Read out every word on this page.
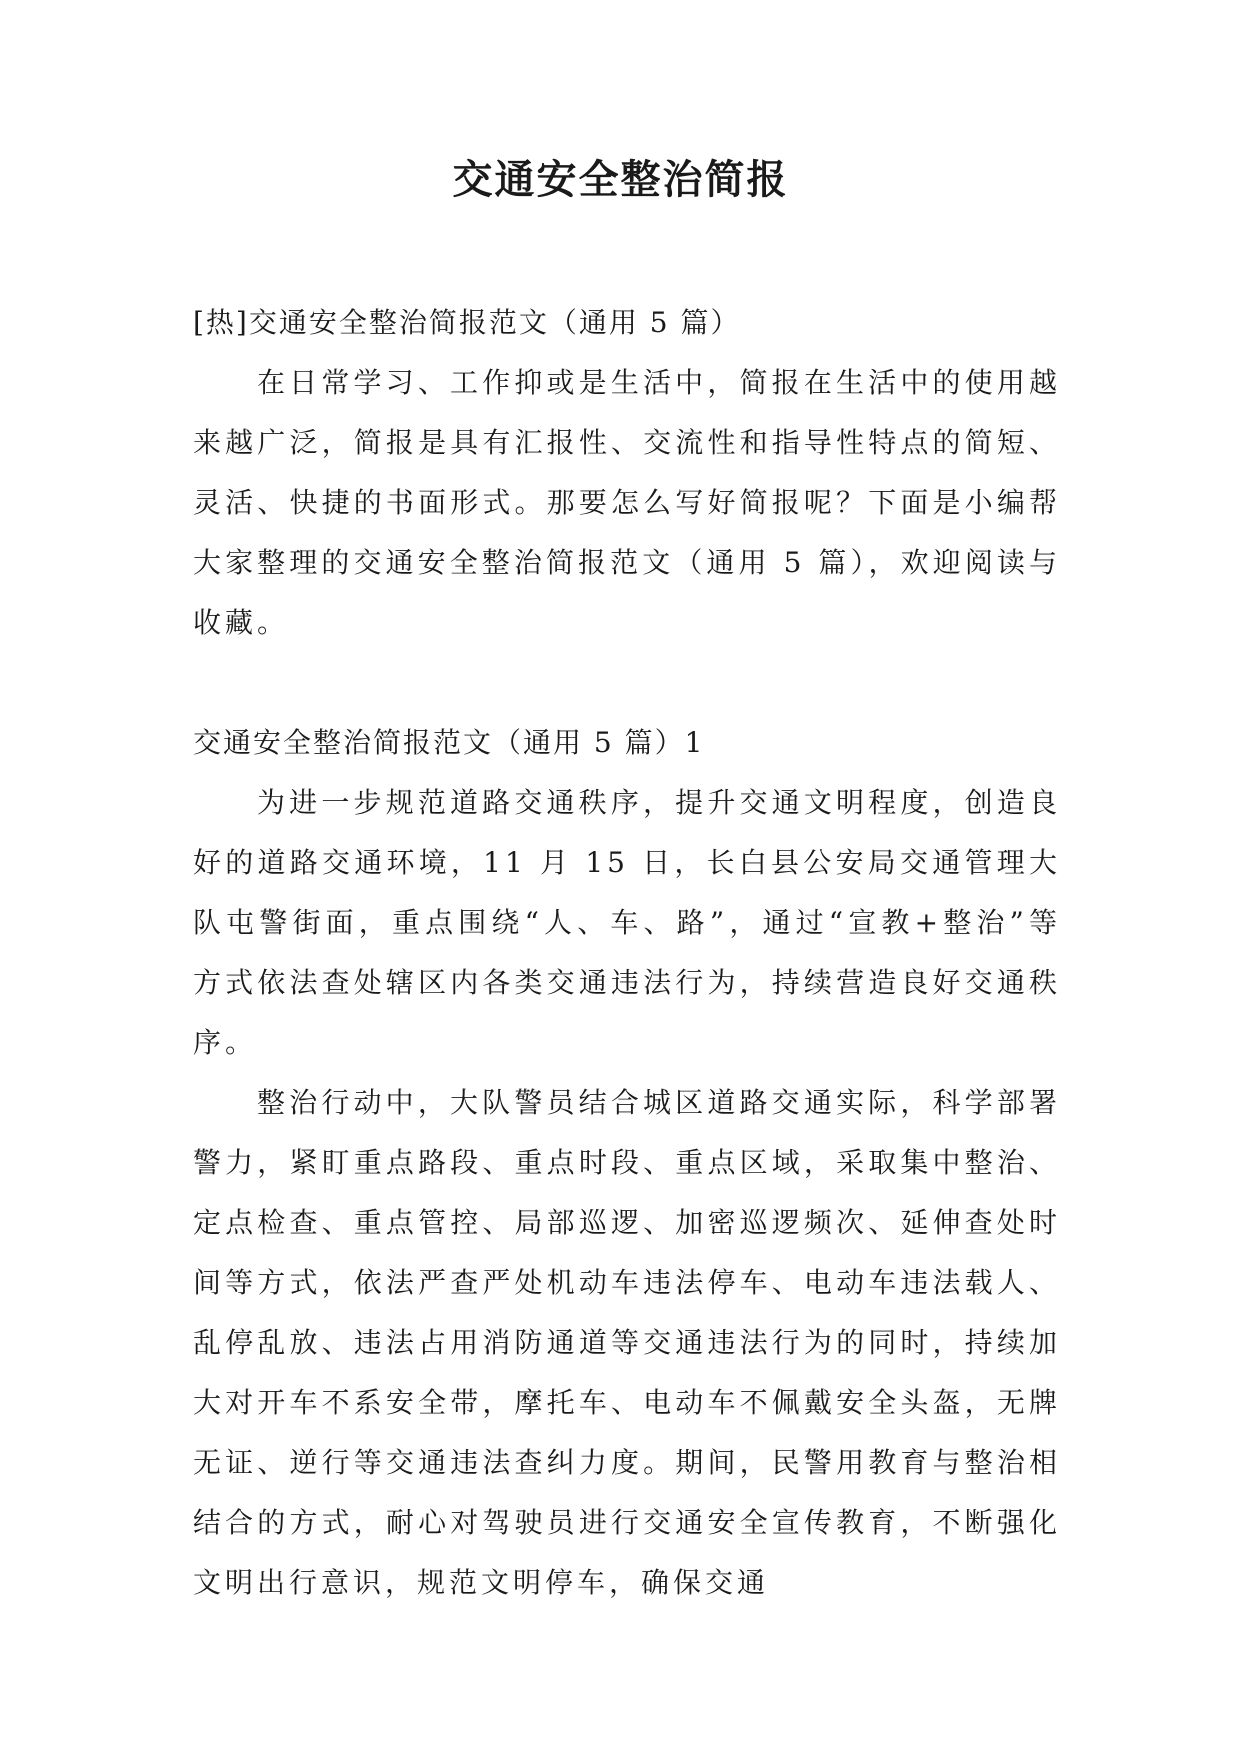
交通安全整治简报

[热]交通安全整治简报范文（通用 5 篇）

在日常学习、工作抑或是生活中，简报在生活中的使用越来越广泛，简报是具有汇报性、交流性和指导性特点的简短、灵活、快捷的书面形式。那要怎么写好简报呢？下面是小编帮大家整理的交通安全整治简报范文（通用 5 篇），欢迎阅读与收藏。

交通安全整治简报范文（通用 5 篇）1

为进一步规范道路交通秩序，提升交通文明程度，创造良好的道路交通环境，11 月 15 日，长白县公安局交通管理大队屯警街面，重点围绕“人、车、路”，通过“宣教+整治”等方式依法查处辖区内各类交通违法行为，持续营造良好交通秩序。

整治行动中，大队警员结合城区道路交通实际，科学部署警力，紧盯重点路段、重点时段、重点区域，采取集中整治、定点检查、重点管控、局部巡逻、加密巡逻频次、延伸查处时间等方式，依法严查严处机动车违法停车、电动车违法载人、乱停乱放、违法占用消防通道等交通违法行为的同时，持续加大对开车不系安全带，摩托车、电动车不佩戴安全头盔，无牌无证、逆行等交通违法查纠力度。期间，民警用教育与整治相结合的方式，耐心对驾驶员进行交通安全宣传教育，不断强化文明出行意识，规范文明停车，确保交通
